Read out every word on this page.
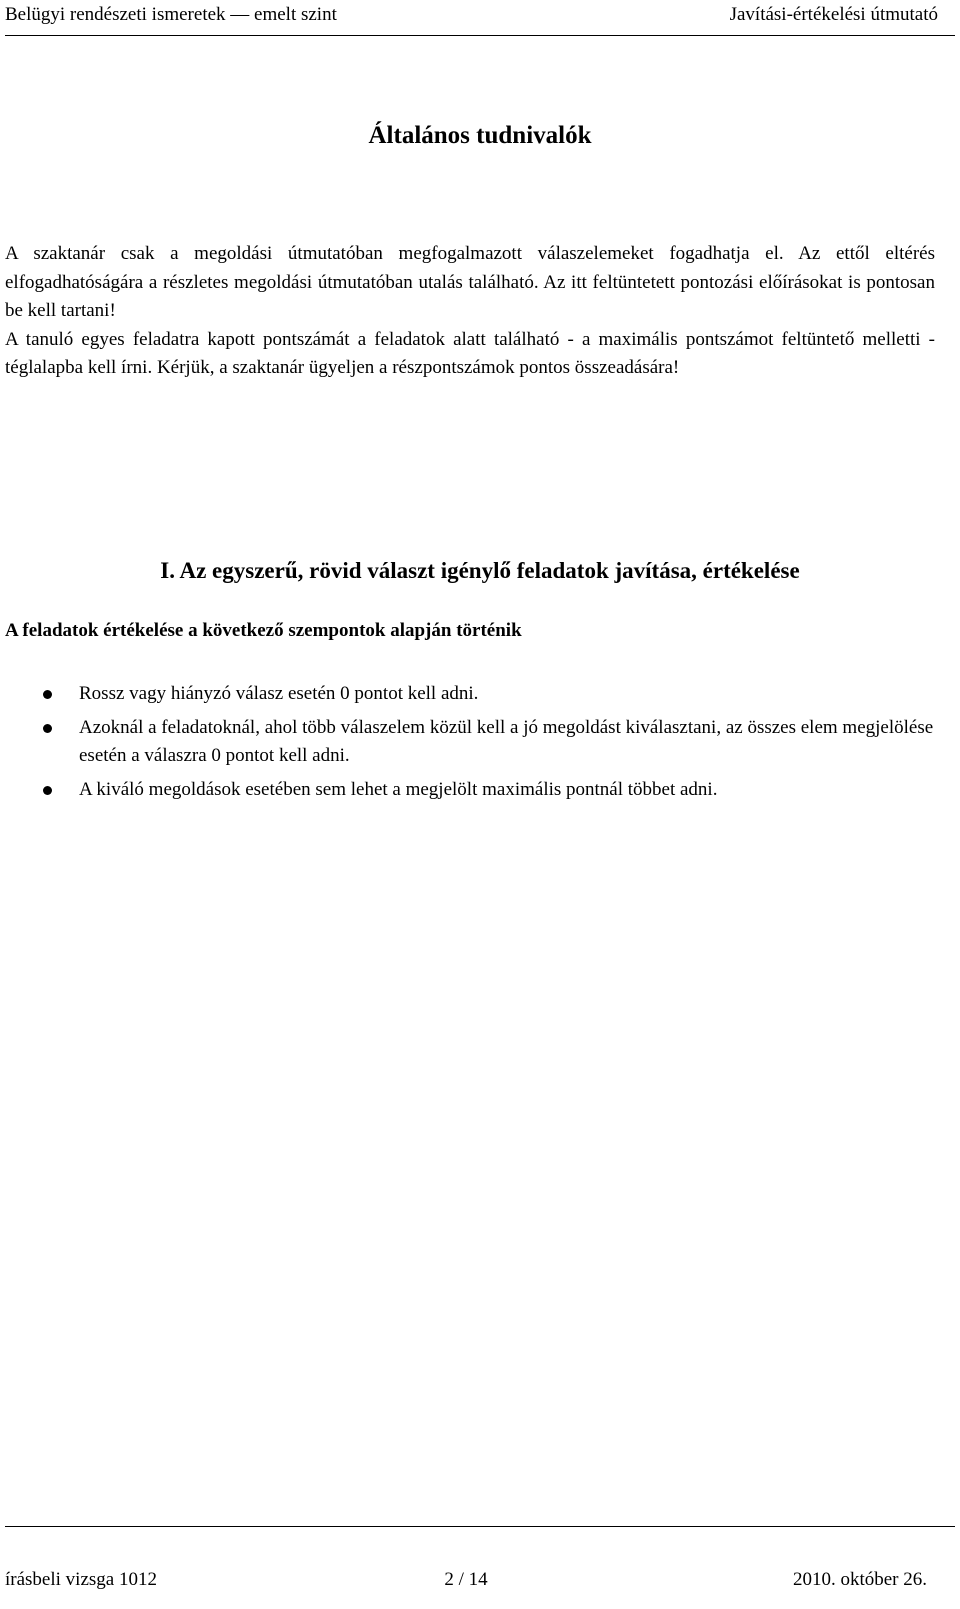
Belügyi rendészeti ismeretek — emelt szint	Javítási-értékelési útmutató
Általános tudnivalók

A szaktanár csak a megoldási útmutatóban megfogalmazott válaszelemeket fogadhatja el. Az ettől eltérés elfogadhatóságára a részletes megoldási útmutatóban utalás található. Az itt feltüntetett pontozási előírásokat is pontosan be kell tartani!

A tanuló egyes feladatra kapott pontszámát a feladatok alatt található - a maximális pontszámot feltüntető melletti - téglalapba kell írni. Kérjük, a szaktanár ügyeljen a részpontszámok pontos összeadására!

I. Az egyszerű, rövid választ igénylő feladatok javítása, értékelése
A feladatok értékelése a következő szempontok alapján történik
Rossz vagy hiányzó válasz esetén 0 pontot kell adni.
Azoknál a feladatoknál, ahol több válaszelem közül kell a jó megoldást kiválasztani, az összes elem megjelölése esetén a válaszra 0 pontot kell adni.
A kiváló megoldások esetében sem lehet a megjelölt maximális pontnál többet adni.
írásbeli vizsga 1012	2 / 14	2010. október 26.
